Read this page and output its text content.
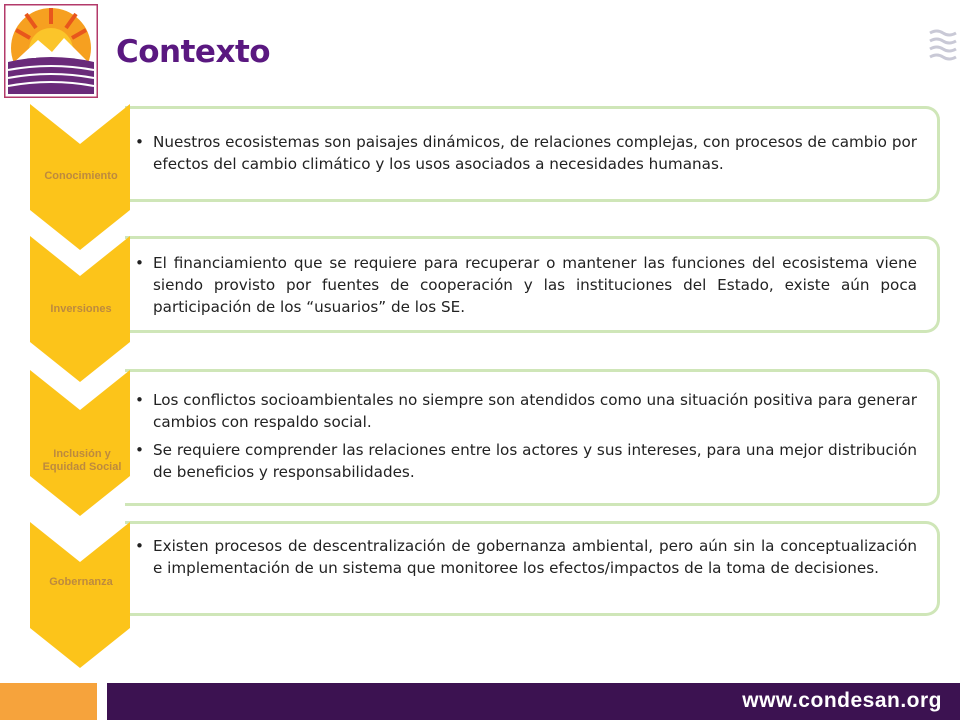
Contexto
• Nuestros ecosistemas son paisajes dinámicos, de relaciones complejas, con procesos de cambio por efectos del cambio climático y los usos asociados a necesidades humanas.
Conocimiento
• El financiamiento que se requiere para recuperar o mantener las funciones del ecosistema viene siendo provisto por fuentes de cooperación y las instituciones del Estado, existe aún poca participación de los “usuarios” de los SE.
Inversiones
• Los conflictos socioambientales no siempre son atendidos como una situación positiva para generar cambios con respaldo social.
• Se requiere comprender las relaciones entre los actores y sus intereses, para una mejor distribución de beneficios y responsabilidades.
Inclusión y Equidad Social
• Existen procesos de descentralización de gobernanza ambiental, pero aún sin la conceptualización e implementación de un sistema que monitoree los efectos/impactos de la toma de decisiones.
Gobernanza
www.condesan.org
